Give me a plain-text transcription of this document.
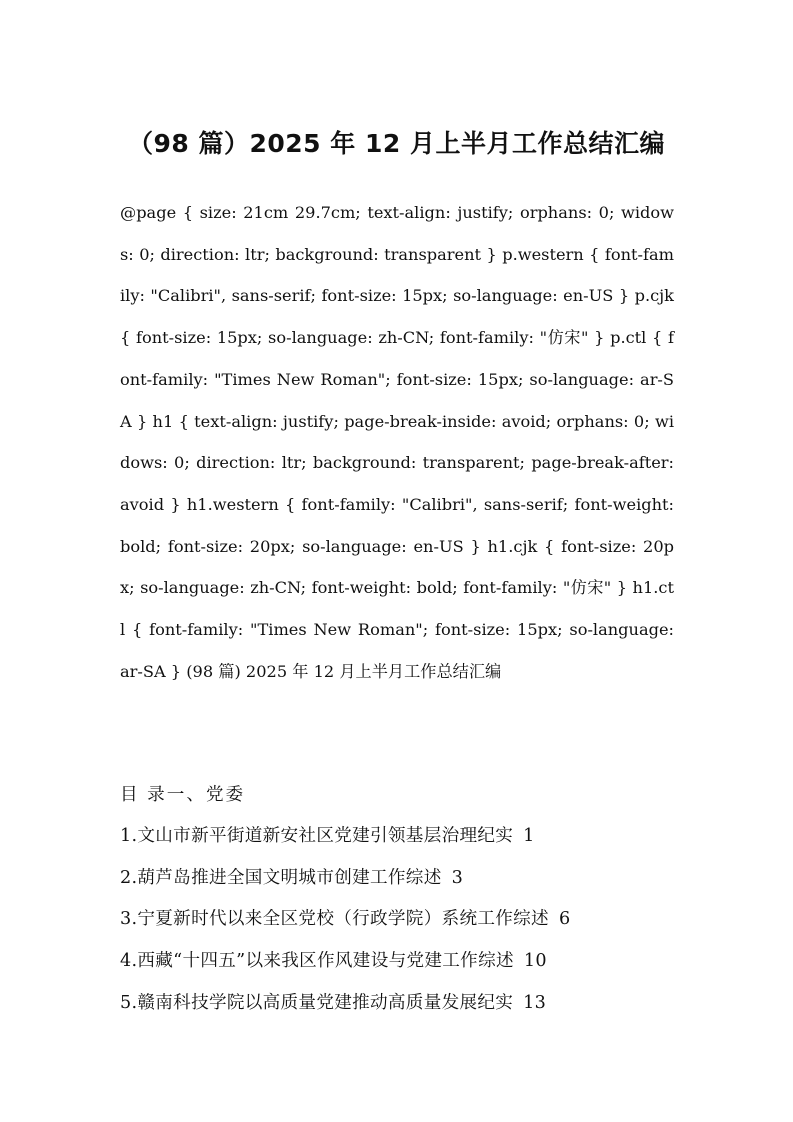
（98 篇）2025 年 12 月上半月工作总结汇编

@page { size: 21cm 29.7cm; text-align: justify; orphans: 0; widows: 0; direction: ltr; background: transparent } p.western { font-family: "Calibri", sans-serif; font-size: 15px; so-language: en-US } p.cjk { font-size: 15px; so-language: zh-CN; font-family: "仿宋" } p.ctl { font-family: "Times New Roman"; font-size: 15px; so-language: ar-SA } h1 { text-align: justify; page-break-inside: avoid; orphans: 0; widows: 0; direction: ltr; background: transparent; page-break-after: avoid } h1.western { font-family: "Calibri", sans-serif; font-weight: bold; font-size: 20px; so-language: en-US } h1.cjk { font-size: 20px; so-language: zh-CN; font-weight: bold; font-family: "仿宋" } h1.ctl { font-family: "Times New Roman"; font-size: 15px; so-language: ar-SA } (98 篇) 2025 年 12 月上半月工作总结汇编

目 录一、党委
1.文山市新平街道新安社区党建引领基层治理纪实 1
2.葫芦岛推进全国文明城市创建工作综述 3
3.宁夏新时代以来全区党校（行政学院）系统工作综述 6
4.西藏“十四五”以来我区作风建设与党建工作综述 10
5.赣南科技学院以高质量党建推动高质量发展纪实 13
